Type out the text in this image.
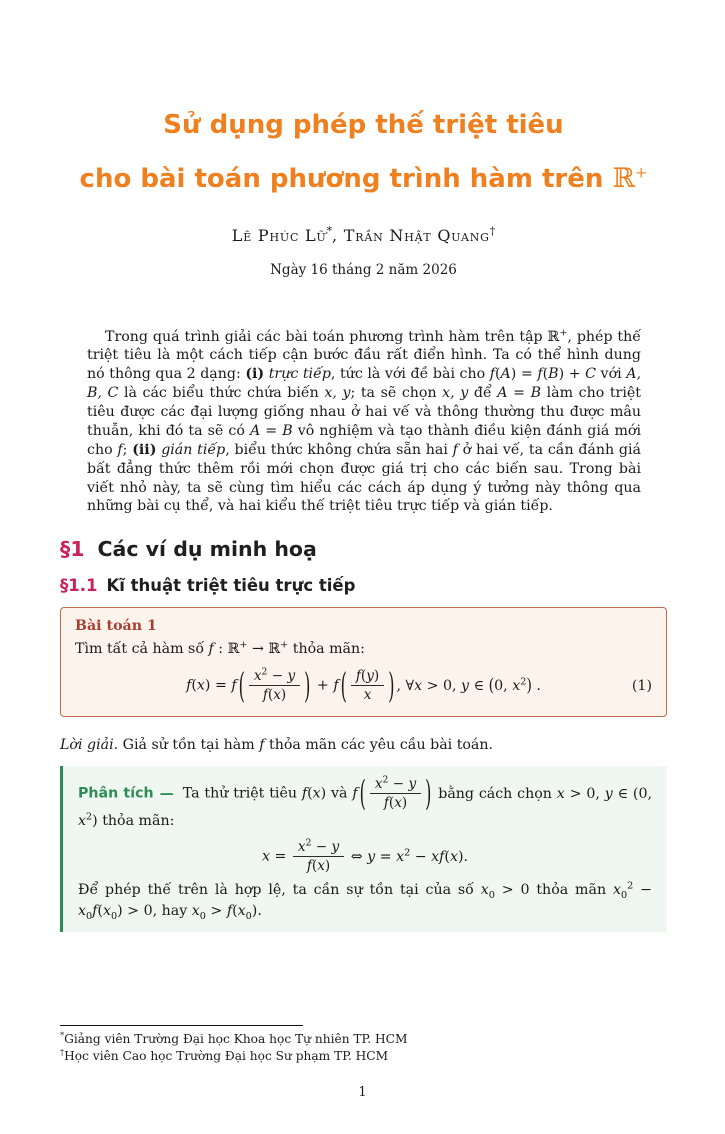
Sử dụng phép thế triệt tiêu
cho bài toán phương trình hàm trên ℝ+
Lê Phúc Lữ*, Trần Nhật Quang†
Ngày 16 tháng 2 năm 2026

Trong quá trình giải các bài toán phương trình hàm trên tập ℝ+, phép thế triệt tiêu là một cách tiếp cận bước đầu rất điển hình. Ta có thể hình dung nó thông qua 2 dạng: (i) trực tiếp, tức là với đề bài cho f(A) = f(B) + C với A, B, C là các biểu thức chứa biến x, y; ta sẽ chọn x, y để A = B làm cho triệt tiêu được các đại lượng giống nhau ở hai vế và thông thường thu được mâu thuẫn, khi đó ta sẽ có A = B vô nghiệm và tạo thành điều kiện đánh giá mới cho f; (ii) gián tiếp, biểu thức không chứa sẵn hai f ở hai vế, ta cần đánh giá bất đẳng thức thêm rồi mới chọn được giá trị cho các biến sau. Trong bài viết nhỏ này, ta sẽ cùng tìm hiểu các cách áp dụng ý tưởng này thông qua những bài cụ thể, và hai kiểu thế triệt tiêu trực tiếp và gián tiếp.

§1 Các ví dụ minh hoạ
§1.1 Kĩ thuật triệt tiêu trực tiếp
Bài toán 1

Tìm tất cả hàm số f : ℝ+ → ℝ+ thỏa mãn:

f(x) = f ( $\frac{x^2 - y}{f(x)}$ ) + f ( $\frac{f(y)}{x}$ ) , ∀x > 0, y ∈ (0, $x^2$) .	(1)

Lời giải. Giả sử tồn tại hàm f thỏa mãn các yêu cầu bài toán.

Phân tích — Ta thử triệt tiêu f(x) và f ( $\frac{x^2 - y}{f(x)}$ ) bằng cách chọn x > 0, y ∈ (0, $x^2$) thỏa mãn:

$x = \frac{x^2 - y}{f(x)}$ ⇔ $y = x^2 - xf(x)$.

Để phép thế trên là hợp lệ, ta cần sự tồn tại của số $x_0 > 0$ thỏa mãn $x_0^2 - x_0f(x_0) > 0$, hay $x_0 > f(x_0)$.

*Giảng viên Trường Đại học Khoa học Tự nhiên TP. HCM

†Học viên Cao học Trường Đại học Sư phạm TP. HCM

1
